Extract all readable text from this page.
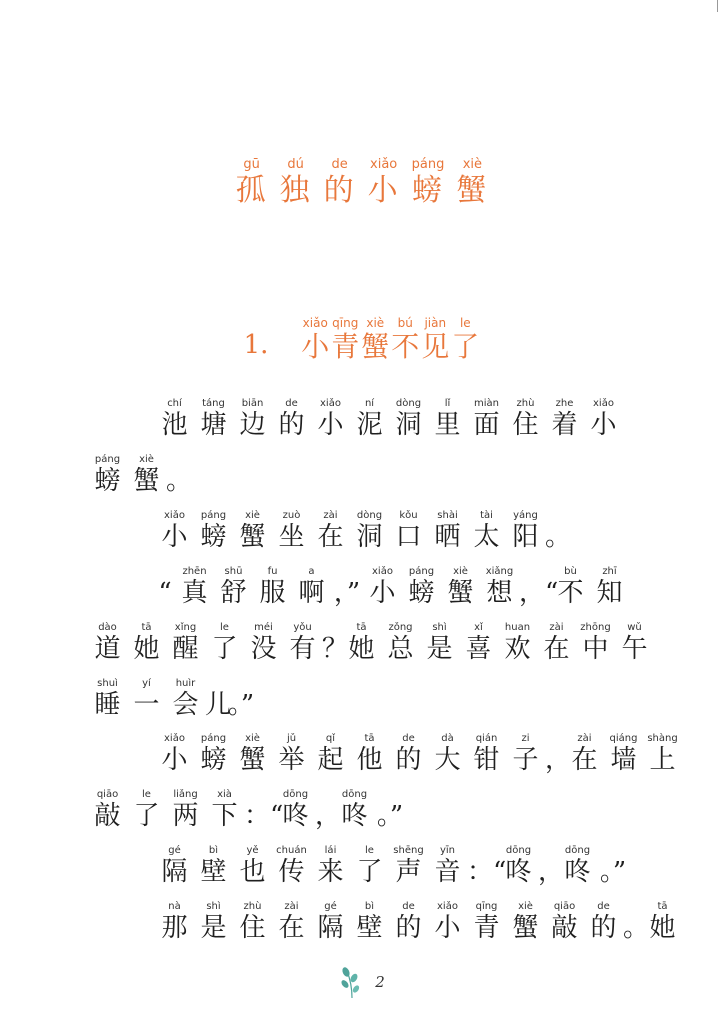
gū
孤
dú
独
de
的
xiǎo
小
páng
螃
xiè
蟹
1．
xiǎo
小
qīng
青
xiè
蟹
bú
不
jiàn
见
le
了
chí
池
táng
塘
biān
边
de
的
xiǎo
小
ní
泥
dòng
洞
lǐ
里
miàn
面
zhù
住
zhe
着
xiǎo
小
páng
螃
xiè
蟹 。
xiǎo
小
páng
螃
xiè
蟹
zuò
坐
zài
在
dòng
洞
kǒu
口
shài
晒
tài
太
yáng
阳 。
“
zhēn
真
shū
舒
fu
服
a
啊 ，”
xiǎo
小
páng
螃
xiè
蟹
xiǎng
想 ，“
bù
不
zhī
知
dào
道
tā
她
xǐng
醒
le
了
méi
没
yǒu
有 ？
tā
她
zǒng
总
shì
是
xǐ
喜
huan
欢
zài
在
zhōng
中
wǔ
午
shuì
睡
yí
一
huìr
会 儿
。”
xiǎo
小
páng
螃
xiè
蟹
jǔ
举
qǐ
起
tā
他
de
的
dà
大
qián
钳
zi
子 ，
zài
在
qiáng
墙
shàng
上
qiāo
敲
le
了
liǎng
两
xià
下 ：“
dōng
咚 ，
dōng
咚 。”
gé
隔
bì
壁
yě
也
chuán
传
lái
来
le
了
shēng
声
yīn
音 ：“
dōng
咚 ，
dōng
咚 。”
nà
那
shì
是
zhù
住
zài
在
gé
隔
bì
壁
de
的
xiǎo
小
qīng
青
xiè
蟹
qiāo
敲
de
的 。
tā
她
2
